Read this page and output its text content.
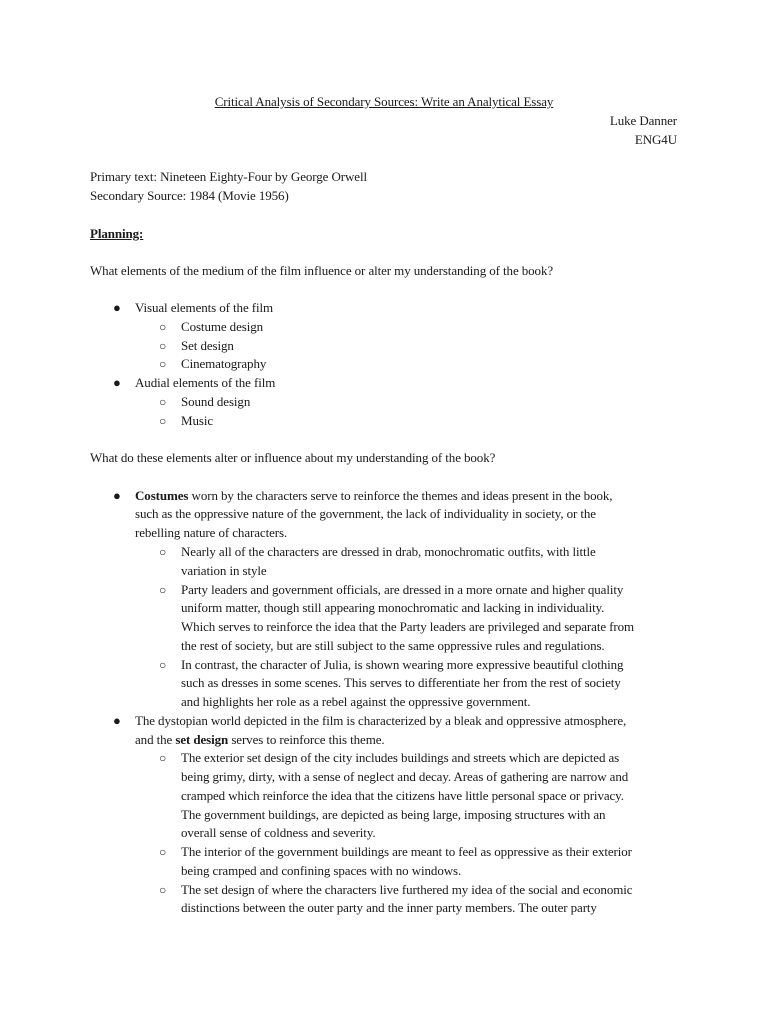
Critical Analysis of Secondary Sources: Write an Analytical Essay
Luke Danner
ENG4U
Primary text: Nineteen Eighty-Four by George Orwell
Secondary Source: 1984 (Movie 1956)
Planning:
What elements of the medium of the film influence or alter my understanding of the book?
● Visual elements of the film
○ Costume design
○ Set design
○ Cinematography
● Audial elements of the film
○ Sound design
○ Music
What do these elements alter or influence about my understanding of the book?
● Costumes worn by the characters serve to reinforce the themes and ideas present in the book,
such as the oppressive nature of the government, the lack of individuality in society, or the
rebelling nature of characters.
○ Nearly all of the characters are dressed in drab, monochromatic outfits, with little
variation in style
○ Party leaders and government officials, are dressed in a more ornate and higher quality
uniform matter, though still appearing monochromatic and lacking in individuality.
Which serves to reinforce the idea that the Party leaders are privileged and separate from
the rest of society, but are still subject to the same oppressive rules and regulations.
○ In contrast, the character of Julia, is shown wearing more expressive beautiful clothing
such as dresses in some scenes. This serves to differentiate her from the rest of society
and highlights her role as a rebel against the oppressive government.
● The dystopian world depicted in the film is characterized by a bleak and oppressive atmosphere,
and the set design serves to reinforce this theme.
○ The exterior set design of the city includes buildings and streets which are depicted as
being grimy, dirty, with a sense of neglect and decay. Areas of gathering are narrow and
cramped which reinforce the idea that the citizens have little personal space or privacy.
The government buildings, are depicted as being large, imposing structures with an
overall sense of coldness and severity.
○ The interior of the government buildings are meant to feel as oppressive as their exterior
being cramped and confining spaces with no windows.
○ The set design of where the characters live furthered my idea of the social and economic
distinctions between the outer party and the inner party members. The outer party
